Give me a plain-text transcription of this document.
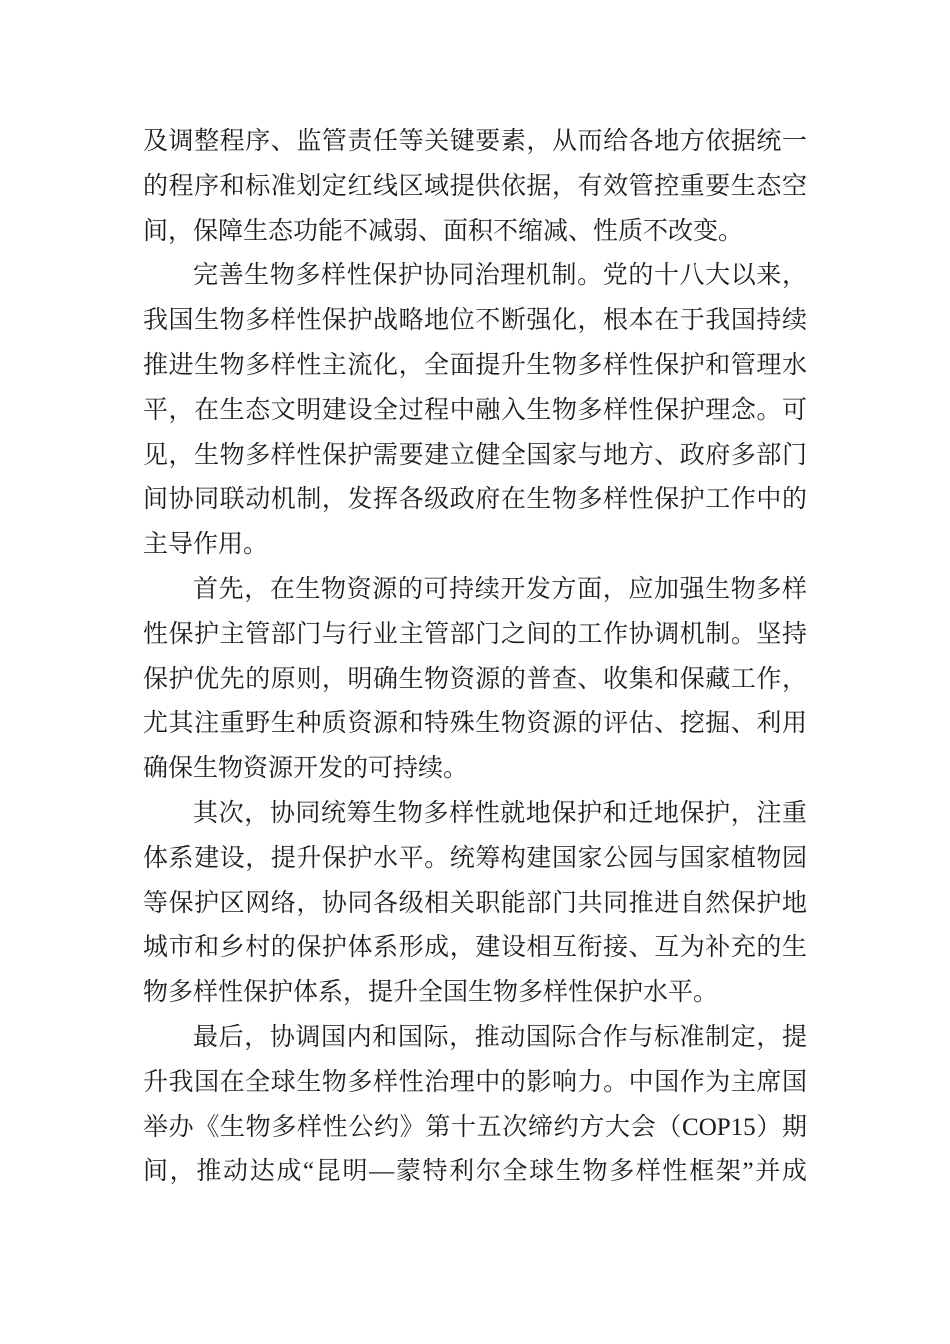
及调整程序、监管责任等关键要素，从而给各地方依据统一
的程序和标准划定红线区域提供依据，有效管控重要生态空
间，保障生态功能不减弱、面积不缩减、性质不改变。

完善生物多样性保护协同治理机制。党的十八大以来，
我国生物多样性保护战略地位不断强化，根本在于我国持续
推进生物多样性主流化，全面提升生物多样性保护和管理水
平，在生态文明建设全过程中融入生物多样性保护理念。可
见，生物多样性保护需要建立健全国家与地方、政府多部门
间协同联动机制，发挥各级政府在生物多样性保护工作中的
主导作用。

首先，在生物资源的可持续开发方面，应加强生物多样
性保护主管部门与行业主管部门之间的工作协调机制。坚持
保护优先的原则，明确生物资源的普查、收集和保藏工作，
尤其注重野生种质资源和特殊生物资源的评估、挖掘、利用
确保生物资源开发的可持续。

其次，协同统筹生物多样性就地保护和迁地保护，注重
体系建设，提升保护水平。统筹构建国家公园与国家植物园
等保护区网络，协同各级相关职能部门共同推进自然保护地
城市和乡村的保护体系形成，建设相互衔接、互为补充的生
物多样性保护体系，提升全国生物多样性保护水平。

最后，协调国内和国际，推动国际合作与标准制定，提
升我国在全球生物多样性治理中的影响力。中国作为主席国
举办《生物多样性公约》第十五次缔约方大会（COP15）期
间，推动达成“昆明—蒙特利尔全球生物多样性框架”并成
